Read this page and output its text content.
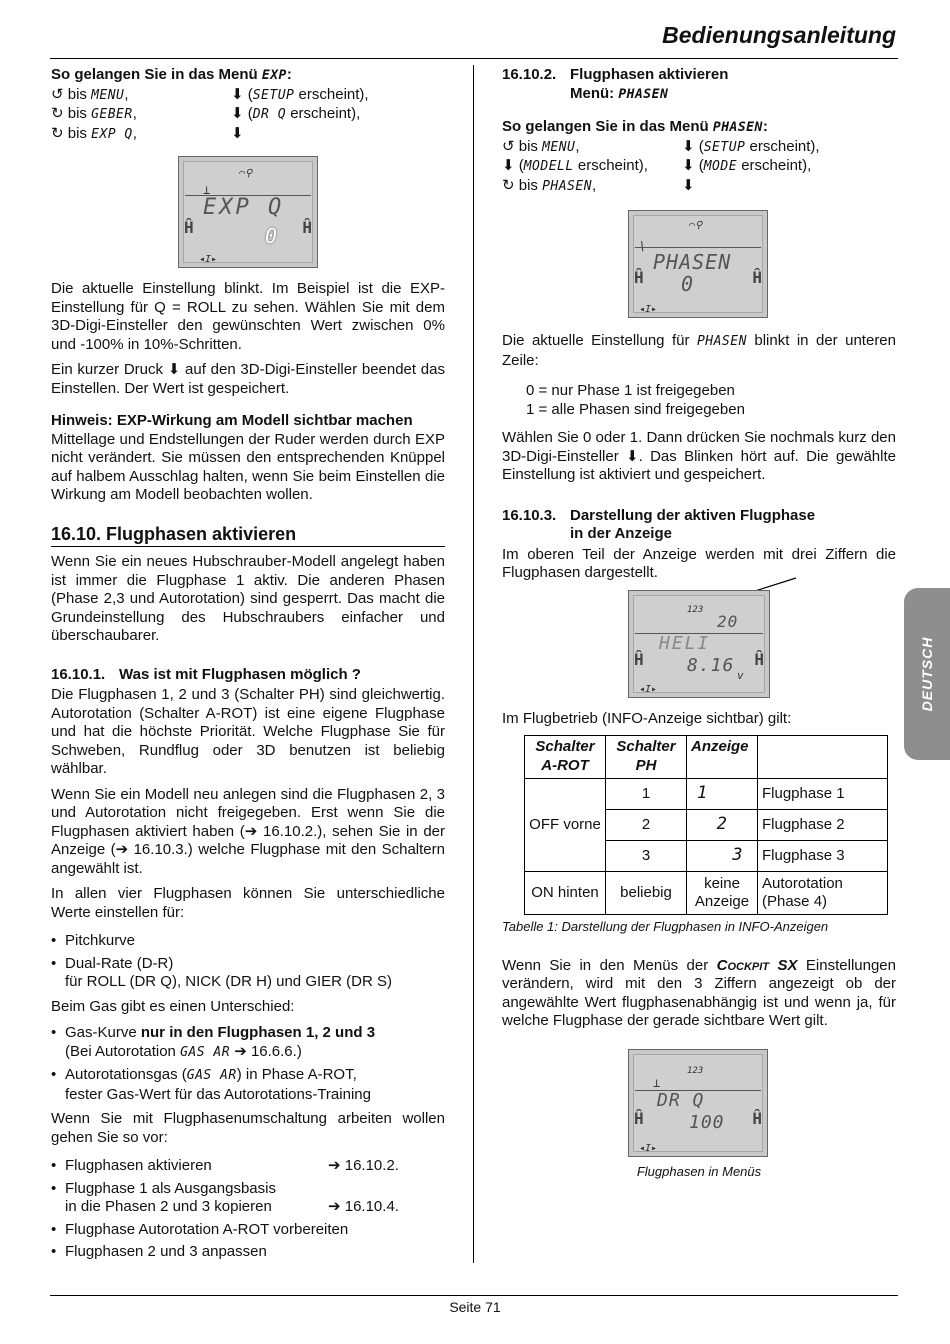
Bedienungsanleitung
DEUTSCH
Seite 71
So gelangen Sie in das Menü EXP:
↺ bis MENU,	⬇ (SETUP erscheint),
↻ bis GEBER,	⬇ (DR Q erscheint),
↻ bis EXP Q,	⬇
⌒⚲
⊥
Ĥ	Ĥ
EXP Q
0
◂I▸

Die aktuelle Einstellung blinkt. Im Beispiel ist die EXP-Einstellung für Q = ROLL zu sehen. Wählen Sie mit dem 3D-Digi-Einsteller den gewünschten Wert zwischen 0% und -100% in 10%-Schritten.

Ein kurzer Druck ⬇ auf den 3D-Digi-Einsteller beendet das Einstellen. Der Wert ist gespeichert.

Hinweis: EXP-Wirkung am Modell sichtbar machen

Mittellage und Endstellungen der Ruder werden durch EXP nicht verändert. Sie müssen den entsprechenden Knüppel auf halbem Ausschlag halten, wenn Sie beim Einstellen die Wirkung am Modell beobachten wollen.

16.10. Flugphasen aktivieren

Wenn Sie ein neues Hubschrauber-Modell angelegt haben ist immer die Flugphase 1 aktiv. Die anderen Phasen (Phase 2,3 und Autorotation) sind gesperrt. Das macht die Grundeinstellung des Hubschraubers einfacher und überschaubarer.

16.10.1. Was ist mit Flugphasen möglich ?

Die Flugphasen 1, 2 und 3 (Schalter PH) sind gleichwertig. Autorotation (Schalter A-ROT) ist eine eigene Flugphase und hat die höchste Priorität. Welche Flugphase Sie für Schweben, Rundflug oder 3D benutzen ist beliebig wählbar.

Wenn Sie ein Modell neu anlegen sind die Flugphasen 2, 3 und Autorotation nicht freigegeben. Erst wenn Sie die Flugphasen aktiviert haben (➔ 16.10.2.), sehen Sie in der Anzeige (➔ 16.10.3.) welche Flugphase mit den Schaltern angewählt ist.

In allen vier Flugphasen können Sie unterschiedliche Werte einstellen für:

• Pitchkurve
• Dual-Rate (D-R)
für ROLL (DR Q), NICK (DR H) und GIER (DR S)

Beim Gas gibt es einen Unterschied:

• Gas-Kurve nur in den Flugphasen 1, 2 und 3
(Bei Autorotation GAS AR ➔ 16.6.6.)
• Autorotationsgas (GAS AR) in Phase A-ROT,
fester Gas-Wert für das Autorotations-Training

Wenn Sie mit Flugphasenumschaltung arbeiten wollen gehen Sie so vor:

• Flugphasen aktivieren	➔ 16.10.2.
• Flugphase 1 als Ausgangsbasis
in die Phasen 2 und 3 kopieren	➔ 16.10.4.
• Flugphase Autorotation A-ROT vorbereiten
• Flugphasen 2 und 3 anpassen
16.10.2. Flugphasen aktivieren
Menü: PHASEN
So gelangen Sie in das Menü PHASEN:
↺ bis MENU,	⬇ (SETUP erscheint),
⬇ (MODELL erscheint),	⬇ (MODE erscheint),
↻ bis PHASEN,	⬇
⌒⚲
\
Ĥ	Ĥ
PHASEN
0
◂I▸

Die aktuelle Einstellung für PHASEN blinkt in der unteren Zeile:

0 = nur Phase 1 ist freigegeben

1 = alle Phasen sind freigegeben

Wählen Sie 0 oder 1. Dann drücken Sie nochmals kurz den 3D-Digi-Einsteller ⬇. Das Blinken hört auf. Die gewählte Einstellung ist aktiviert und gespeichert.

16.10.3. Darstellung der aktiven Flugphase
in der Anzeige

Im oberen Teil der Anzeige werden mit drei Ziffern die Flugphasen dargestellt.

123
20
Ĥ	Ĥ
HELI
8.16 v
◂I▸

Im Flugbetrieb (INFO-Anzeige sichtbar) gilt:

Schalter A-ROT	Schalter PH	Anzeige	
OFF vorne	1	1	Flugphase 1
	2	2	Flugphase 2
	3	3	Flugphase 3
ON hinten	beliebig	keine Anzeige	Autorotation (Phase 4)
Tabelle 1: Darstellung der Flugphasen in INFO-Anzeigen

Wenn Sie in den Menüs der Cockpit SX Einstellungen verändern, wird mit den 3 Ziffern angezeigt ob der angewählte Wert flugphasenabhängig ist und wenn ja, für welche Flugphase der gerade sichtbare Wert gilt.

123
⊥
Ĥ	Ĥ
DR Q
100
◂I▸
Flugphasen in Menüs
